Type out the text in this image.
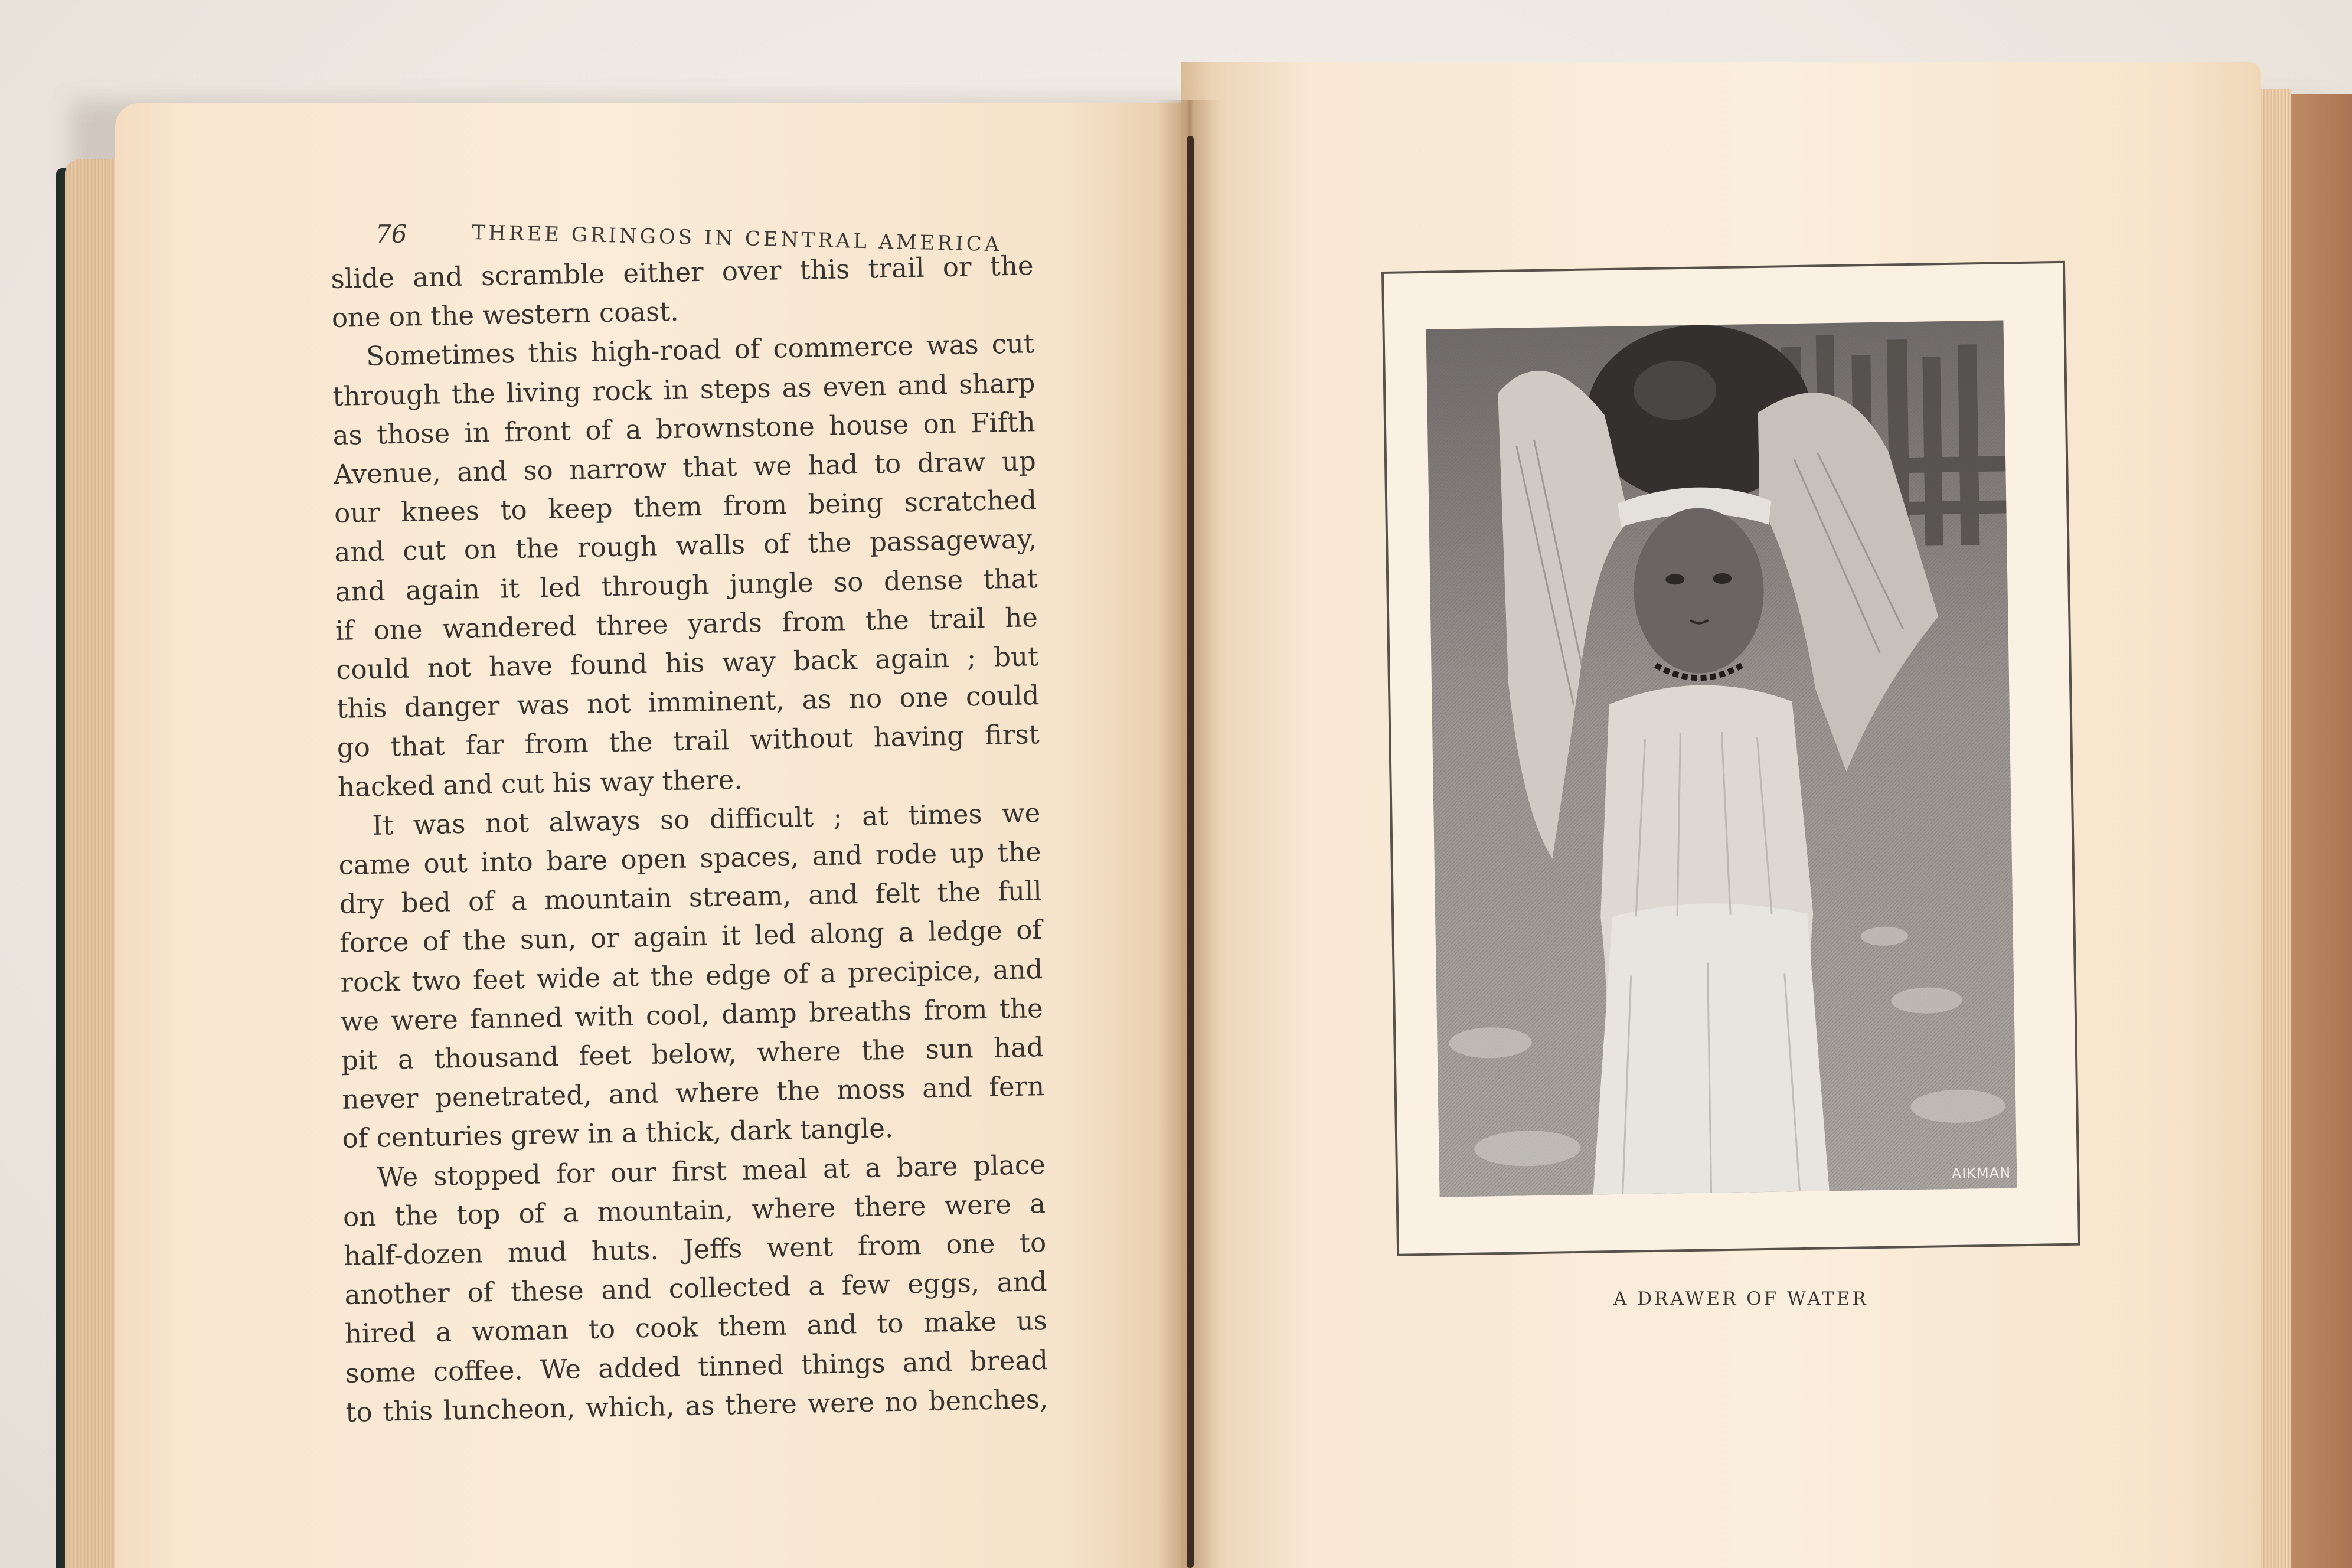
76	THREE GRINGOS IN CENTRAL AMERICA
slide and scramble either over this trail or the
one on the western coast.
Sometimes this high-road of commerce was cut
through the living rock in steps as even and sharp
as those in front of a brownstone house on Fifth
Avenue, and so narrow that we had to draw up
our knees to keep them from being scratched
and cut on the rough walls of the passageway,
and again it led through jungle so dense that
if one wandered three yards from the trail he
could not have found his way back again ; but
this danger was not imminent, as no one could
go that far from the trail without having first
hacked and cut his way there.
It was not always so difficult ; at times we
came out into bare open spaces, and rode up the
dry bed of a mountain stream, and felt the full
force of the sun, or again it led along a ledge of
rock two feet wide at the edge of a precipice, and
we were fanned with cool, damp breaths from the
pit a thousand feet below, where the sun had
never penetrated, and where the moss and fern
of centuries grew in a thick, dark tangle.
We stopped for our first meal at a bare place
on the top of a mountain, where there were a
half-dozen mud huts. Jeffs went from one to
another of these and collected a few eggs, and
hired a woman to cook them and to make us
some coffee. We added tinned things and bread
to this luncheon, which, as there were no benches,
AIKMAN
A DRAWER OF WATER
